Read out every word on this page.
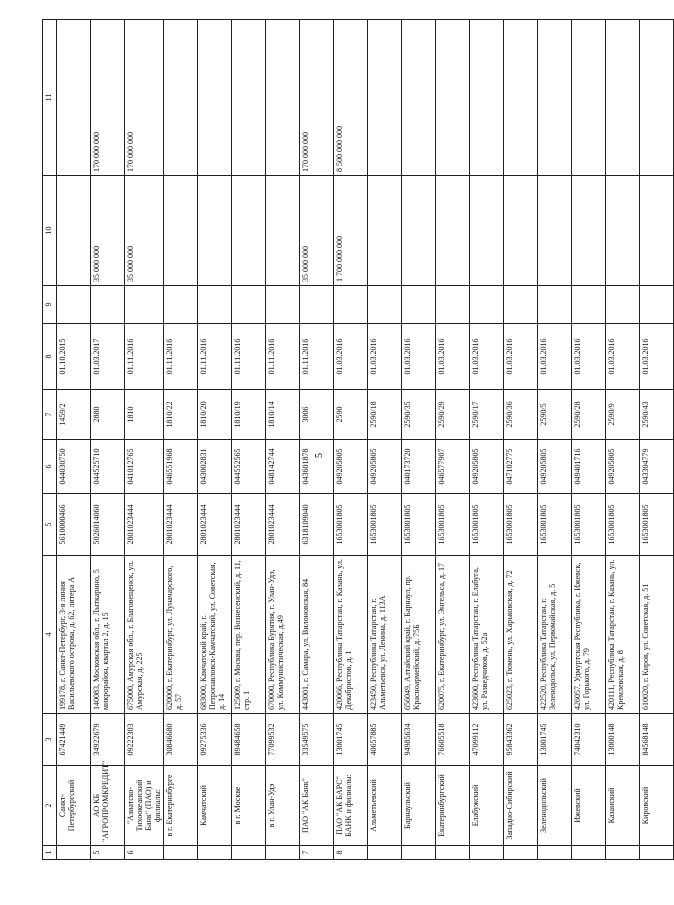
5
1	2	3	4	5	6	7	8	9	10	11
	Санкт-Петербургский	67421449	199178, г. Санкт-Петербург, 3-я линия Васильевского острова, д. 62, литера А	5610000466	044030750	1459/2	01.10.2015			
5	АО КБ "АГРОПРОМКРЕДИТ"	34922679	140083, Московская обл., г. Лыткарино, 5 микрорайон, квартал 2, д. 15	5026014060	044525710	2880	01.03.2017		35 000 000	170 000 000
6	"Азиатско-Тихоокеанский Банк" (ПАО) и филиалы:	09222303	675000, Амурская обл., г. Благовещенск, ул. Амурская, д. 225	2801023444	041012765	1810	01.11.2016		35 000 000	170 000 000
	в г. Екатеринбурге	30846680	620000, г. Екатеринбург, ул. Луначарского, д. 57	2801023444	046551968	1810/22	01.11.2016			
	Камчатский	09275336	683000, Камчатский край, г. Петропавловск-Камчатский, ул. Советская, д. 14	2801023444	043002831	1810/20	01.11.2016			
	в г. Москве	89484658	125009, г. Москва, пер. Вознесенский, д. 11, стр. 1	2801023444	044552565	1810/19	01.11.2016			
	в г. Улан-Удэ	77099532	670000, Республика Бурятия, г. Улан-Удэ, ул. Коммунистическая, д.49	2801023444	048142744	1810/14	01.11.2016			
7	ПАО "АК Банк"	33549575	443001, г. Самара, ул. Вилоновская, 84	6318109040	043601878	3006	01.11.2016		35 000 000	170 000 000
8	ПАО "АК БАРС" БАНК и филиалы:	13001745	420066, Республика Татарстан, г. Казань, ул. Декабристов, д. 1	1653001805	049205805	2590	01.03.2016		1 700 000 000	8 500 000 000
	Альметьевский	40657885	423450, Республика Татарстан, г. Альметьевск, ул. Ленина, д. 113А	1653001805	049205805	2590/18	01.03.2016			
	Барнаульский	94985634	656049, Алтайский край, г. Барнаул, пр. Красноармейский, д. 75Б	1653001805	040173720	2590/35	01.03.2016			
	Екатеринбургский	76605518	620075, г. Екатеринбург, ул. Энгельса, д. 17	1653001805	046577907	2590/29	01.03.2016			
	Елабужский	47099112	423600, Республика Татарстан, г. Елабуга, ул. Разведчиков, д. 52а	1653001805	049205805	2590/17	01.03.2016			
	Западно-Сибирский	95843362	625023, г. Тюмень, ул. Харьковская, д. 72	1653001805	047102775	2590/36	01.03.2016			
	Зеленодольский	13001745	422520, Республика Татарстан, г. Зеленодольск, ул. Первомайская, д. 5	1653001805	049205805	2590/5	01.03.2016			
	Ижевский	74042310	426057, Удмуртская Республика, г. Ижевск, ул. Горького, д. 79	1653001805	049401716	2590/28	01.03.2016			
	Казанский	13000148	420111, Республика Татарстан, г. Казань, ул. Кремлевская, д. 8	1653001805	049205805	2590/9	01.03.2016			
	Кировский	84568148	610020, г. Киров, ул. Советская, д. 51	1653001805	043304779	2590/43	01.03.2016			
